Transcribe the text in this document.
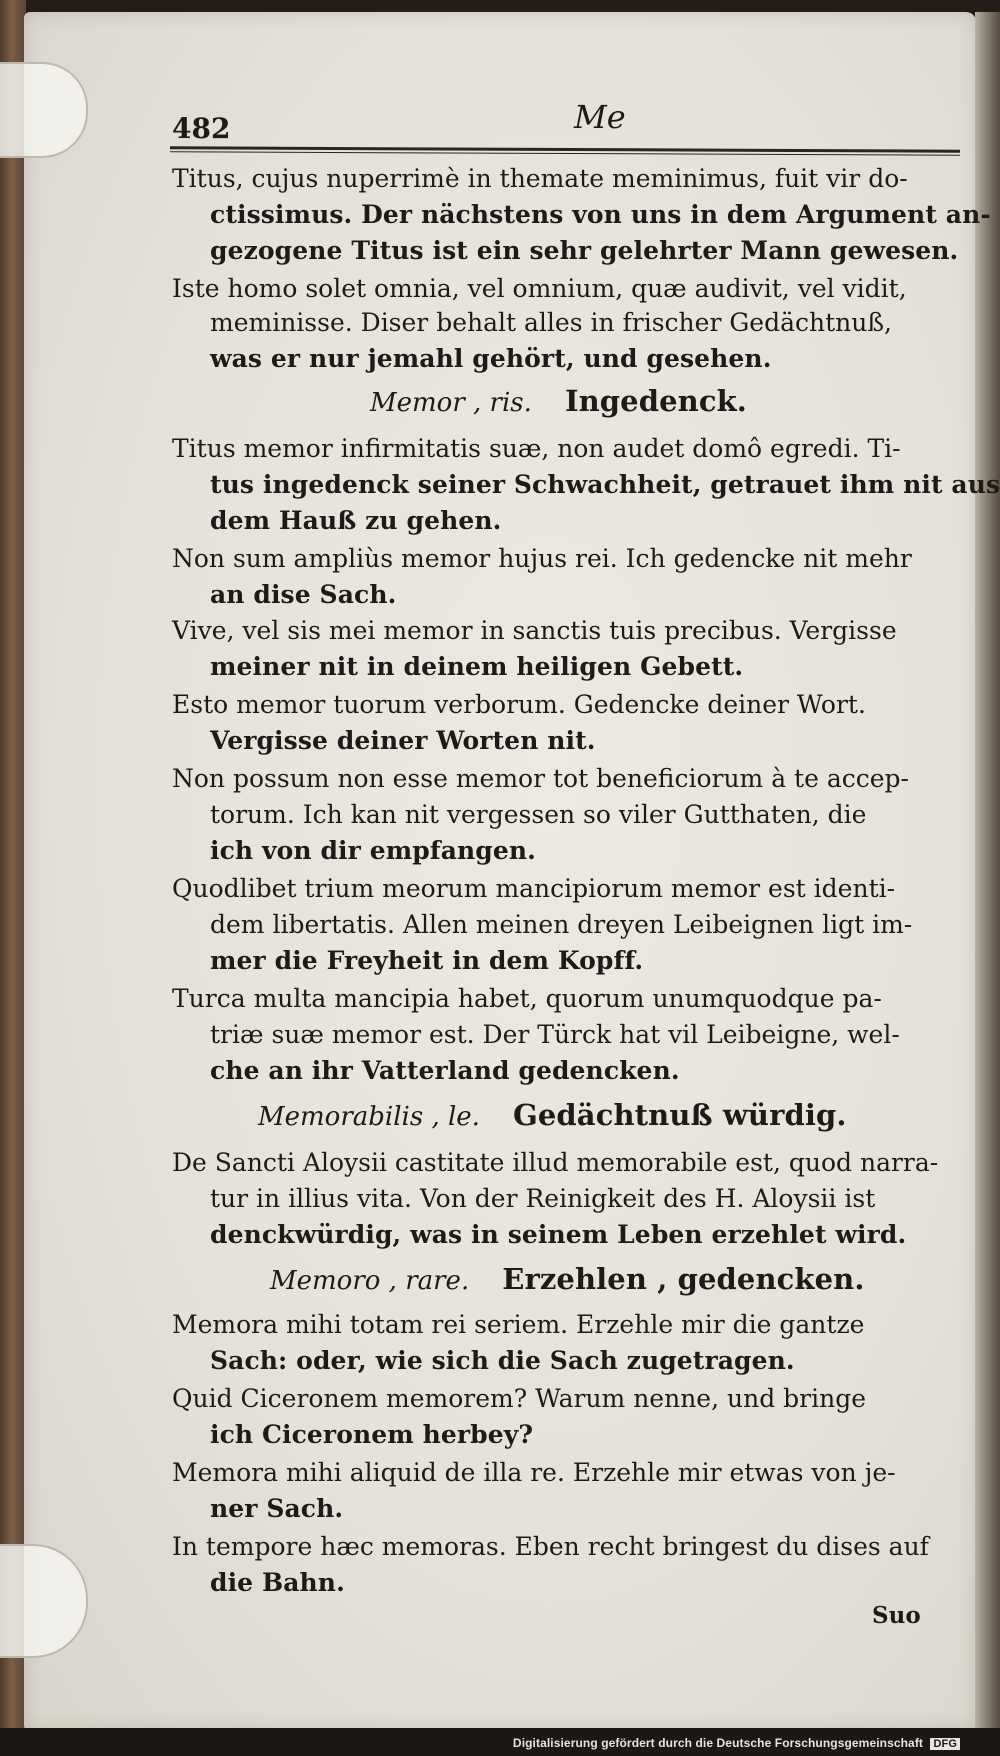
482	Me
Titus, cujus nuperrimè in themate meminimus, fuit vir do-
ctissimus. Der nächstens von uns in dem Argument an-
gezogene Titus ist ein sehr gelehrter Mann gewesen.
Iste homo solet omnia, vel omnium, quæ audivit, vel vidit,
meminisse. Diser behalt alles in frischer Gedächtnuß,
was er nur jemahl gehört, und gesehen.
Memor , ris. Ingedenck.
Titus memor infirmitatis suæ, non audet domô egredi. Ti-
tus ingedenck seiner Schwachheit, getrauet ihm nit aus
dem Hauß zu gehen.
Non sum ampliùs memor hujus rei. Ich gedencke nit mehr
an dise Sach.
Vive, vel sis mei memor in sanctis tuis precibus. Vergisse
meiner nit in deinem heiligen Gebett.
Esto memor tuorum verborum. Gedencke deiner Wort.
Vergisse deiner Worten nit.
Non possum non esse memor tot beneficiorum à te accep-
torum. Ich kan nit vergessen so viler Gutthaten, die
ich von dir empfangen.
Quodlibet trium meorum mancipiorum memor est identi-
dem libertatis. Allen meinen dreyen Leibeignen ligt im-
mer die Freyheit in dem Kopff.
Turca multa mancipia habet, quorum unumquodque pa-
triæ suæ memor est. Der Türck hat vil Leibeigne, wel-
che an ihr Vatterland gedencken.
Memorabilis , le. Gedächtnuß würdig.
De Sancti Aloysii castitate illud memorabile est, quod narra-
tur in illius vita. Von der Reinigkeit des H. Aloysii ist
denckwürdig, was in seinem Leben erzehlet wird.
Memoro , rare. Erzehlen , gedencken.
Memora mihi totam rei seriem. Erzehle mir die gantze
Sach: oder, wie sich die Sach zugetragen.
Quid Ciceronem memorem? Warum nenne, und bringe
ich Ciceronem herbey?
Memora mihi aliquid de illa re. Erzehle mir etwas von je-
ner Sach.
In tempore hæc memoras. Eben recht bringest du dises auf
die Bahn.
Suo
Digitalisierung gefördert durch die Deutsche Forschungsgemeinschaft DFG
